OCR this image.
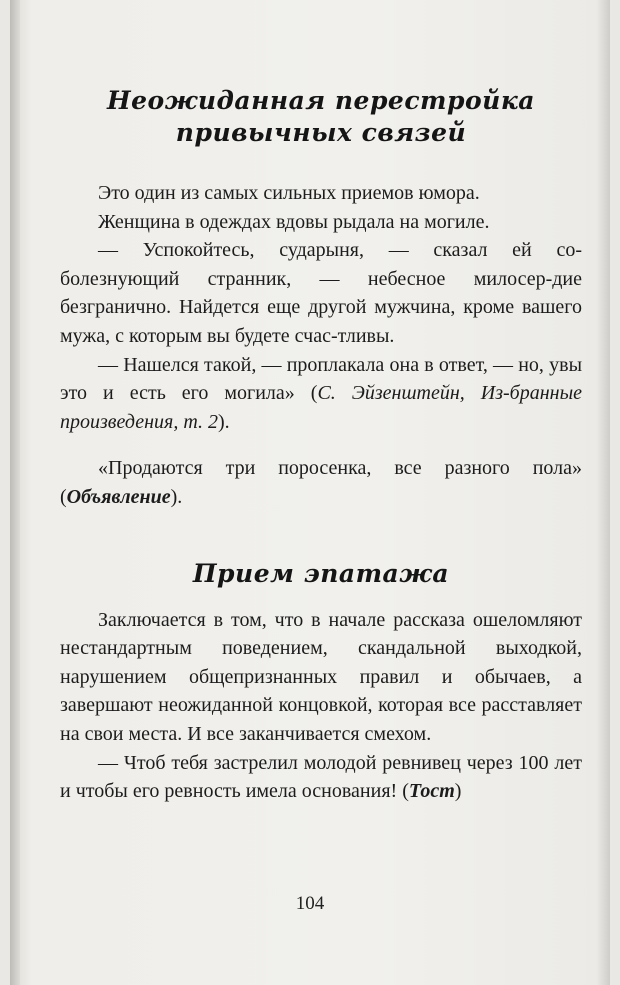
Неожиданная перестройка
привычных связей

Это один из самых сильных приемов юмора.

Женщина в одеждах вдовы рыдала на могиле.

— Успокойтесь, сударыня, — сказал ей со-болезнующий странник, — небесное милосер-дие безгранично. Найдется еще другой мужчина, кроме вашего мужа, с которым вы будете счас-тливы.

— Нашелся такой, — проплакала она в ответ, — но, увы это и есть его могила» (С. Эйзенштейн, Из-бранные произведения, т. 2).

«Продаются три поросенка, все разного пола» (Объявление).

Прием эпатажа

Заключается в том, что в начале рассказа ошеломляют нестандартным поведением, скандальной выходкой, нарушением общепризнанных правил и обычаев, а завершают неожиданной концовкой, которая все расставляет на свои места. И все заканчивается смехом.

— Чтоб тебя застрелил молодой ревнивец через 100 лет и чтобы его ревность имела основания! (Тост)

104
